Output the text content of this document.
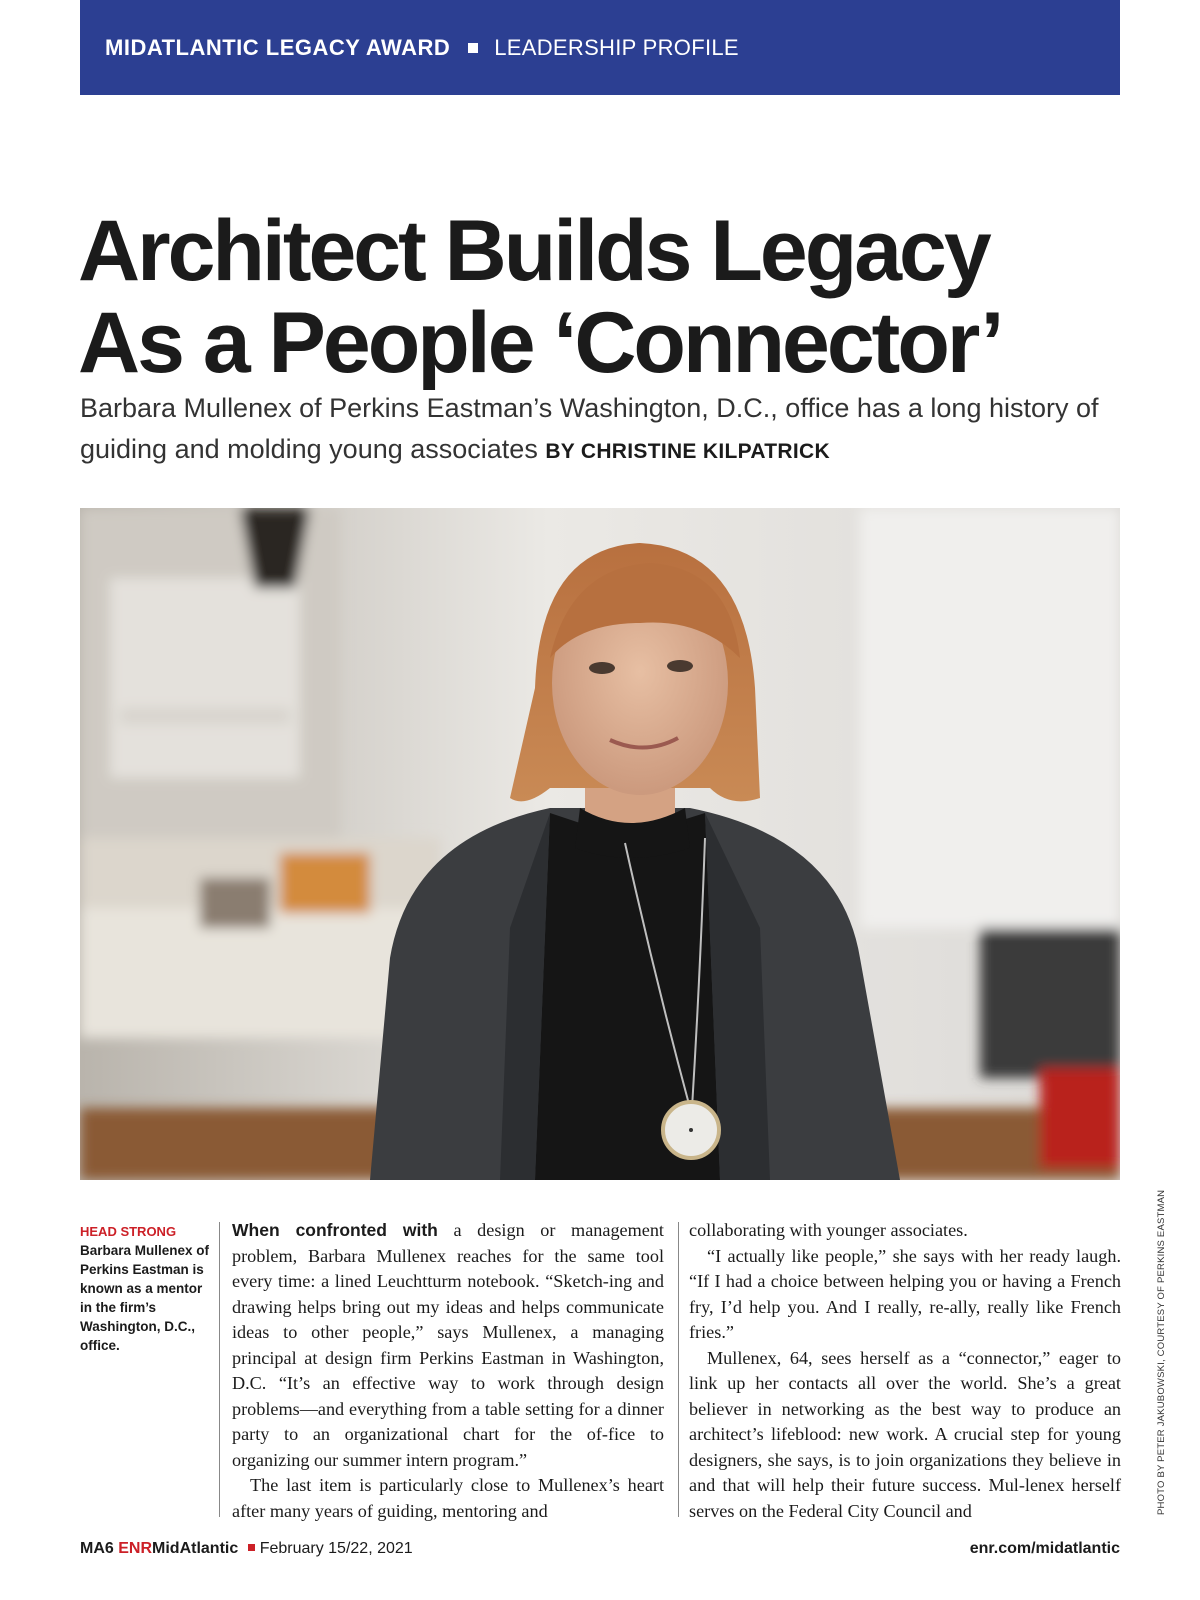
MIDATLANTIC LEGACY AWARD LEADERSHIP PROFILE
Architect Builds Legacy
As a People ‘Connector’

Barbara Mullenex of Perkins Eastman’s Washington, D.C., office has a long history of guiding and molding young associates BY CHRISTINE KILPATRICK

PHOTO BY PETER JAKUBOWSKI, COURTESY OF PERKINS EASTMAN
HEAD STRONG
Barbara Mullenex of Perkins Eastman is known as a mentor in the firm’s Washington, D.C., office.

When confronted with a design or management problem, Barbara Mullenex reaches for the same tool every time: a lined Leuchtturm notebook. “Sketch-ing and drawing helps bring out my ideas and helps communicate ideas to other people,” says Mullenex, a managing principal at design firm Perkins Eastman in Washington, D.C. “It’s an effective way to work through design problems—and everything from a table setting for a dinner party to an organizational chart for the of-fice to organizing our summer intern program.”

The last item is particularly close to Mullenex’s heart after many years of guiding, mentoring and

collaborating with younger associates.

“I actually like people,” she says with her ready laugh. “If I had a choice between helping you or having a French fry, I’d help you. And I really, re-ally, really like French fries.”

Mullenex, 64, sees herself as a “connector,” eager to link up her contacts all over the world. She’s a great believer in networking as the best way to produce an architect’s lifeblood: new work. A crucial step for young designers, she says, is to join organizations they believe in and that will help their future success. Mul-lenex herself serves on the Federal City Council and

MA6 ENRMidAtlantic February 15/22, 2021	enr.com/midatlantic
